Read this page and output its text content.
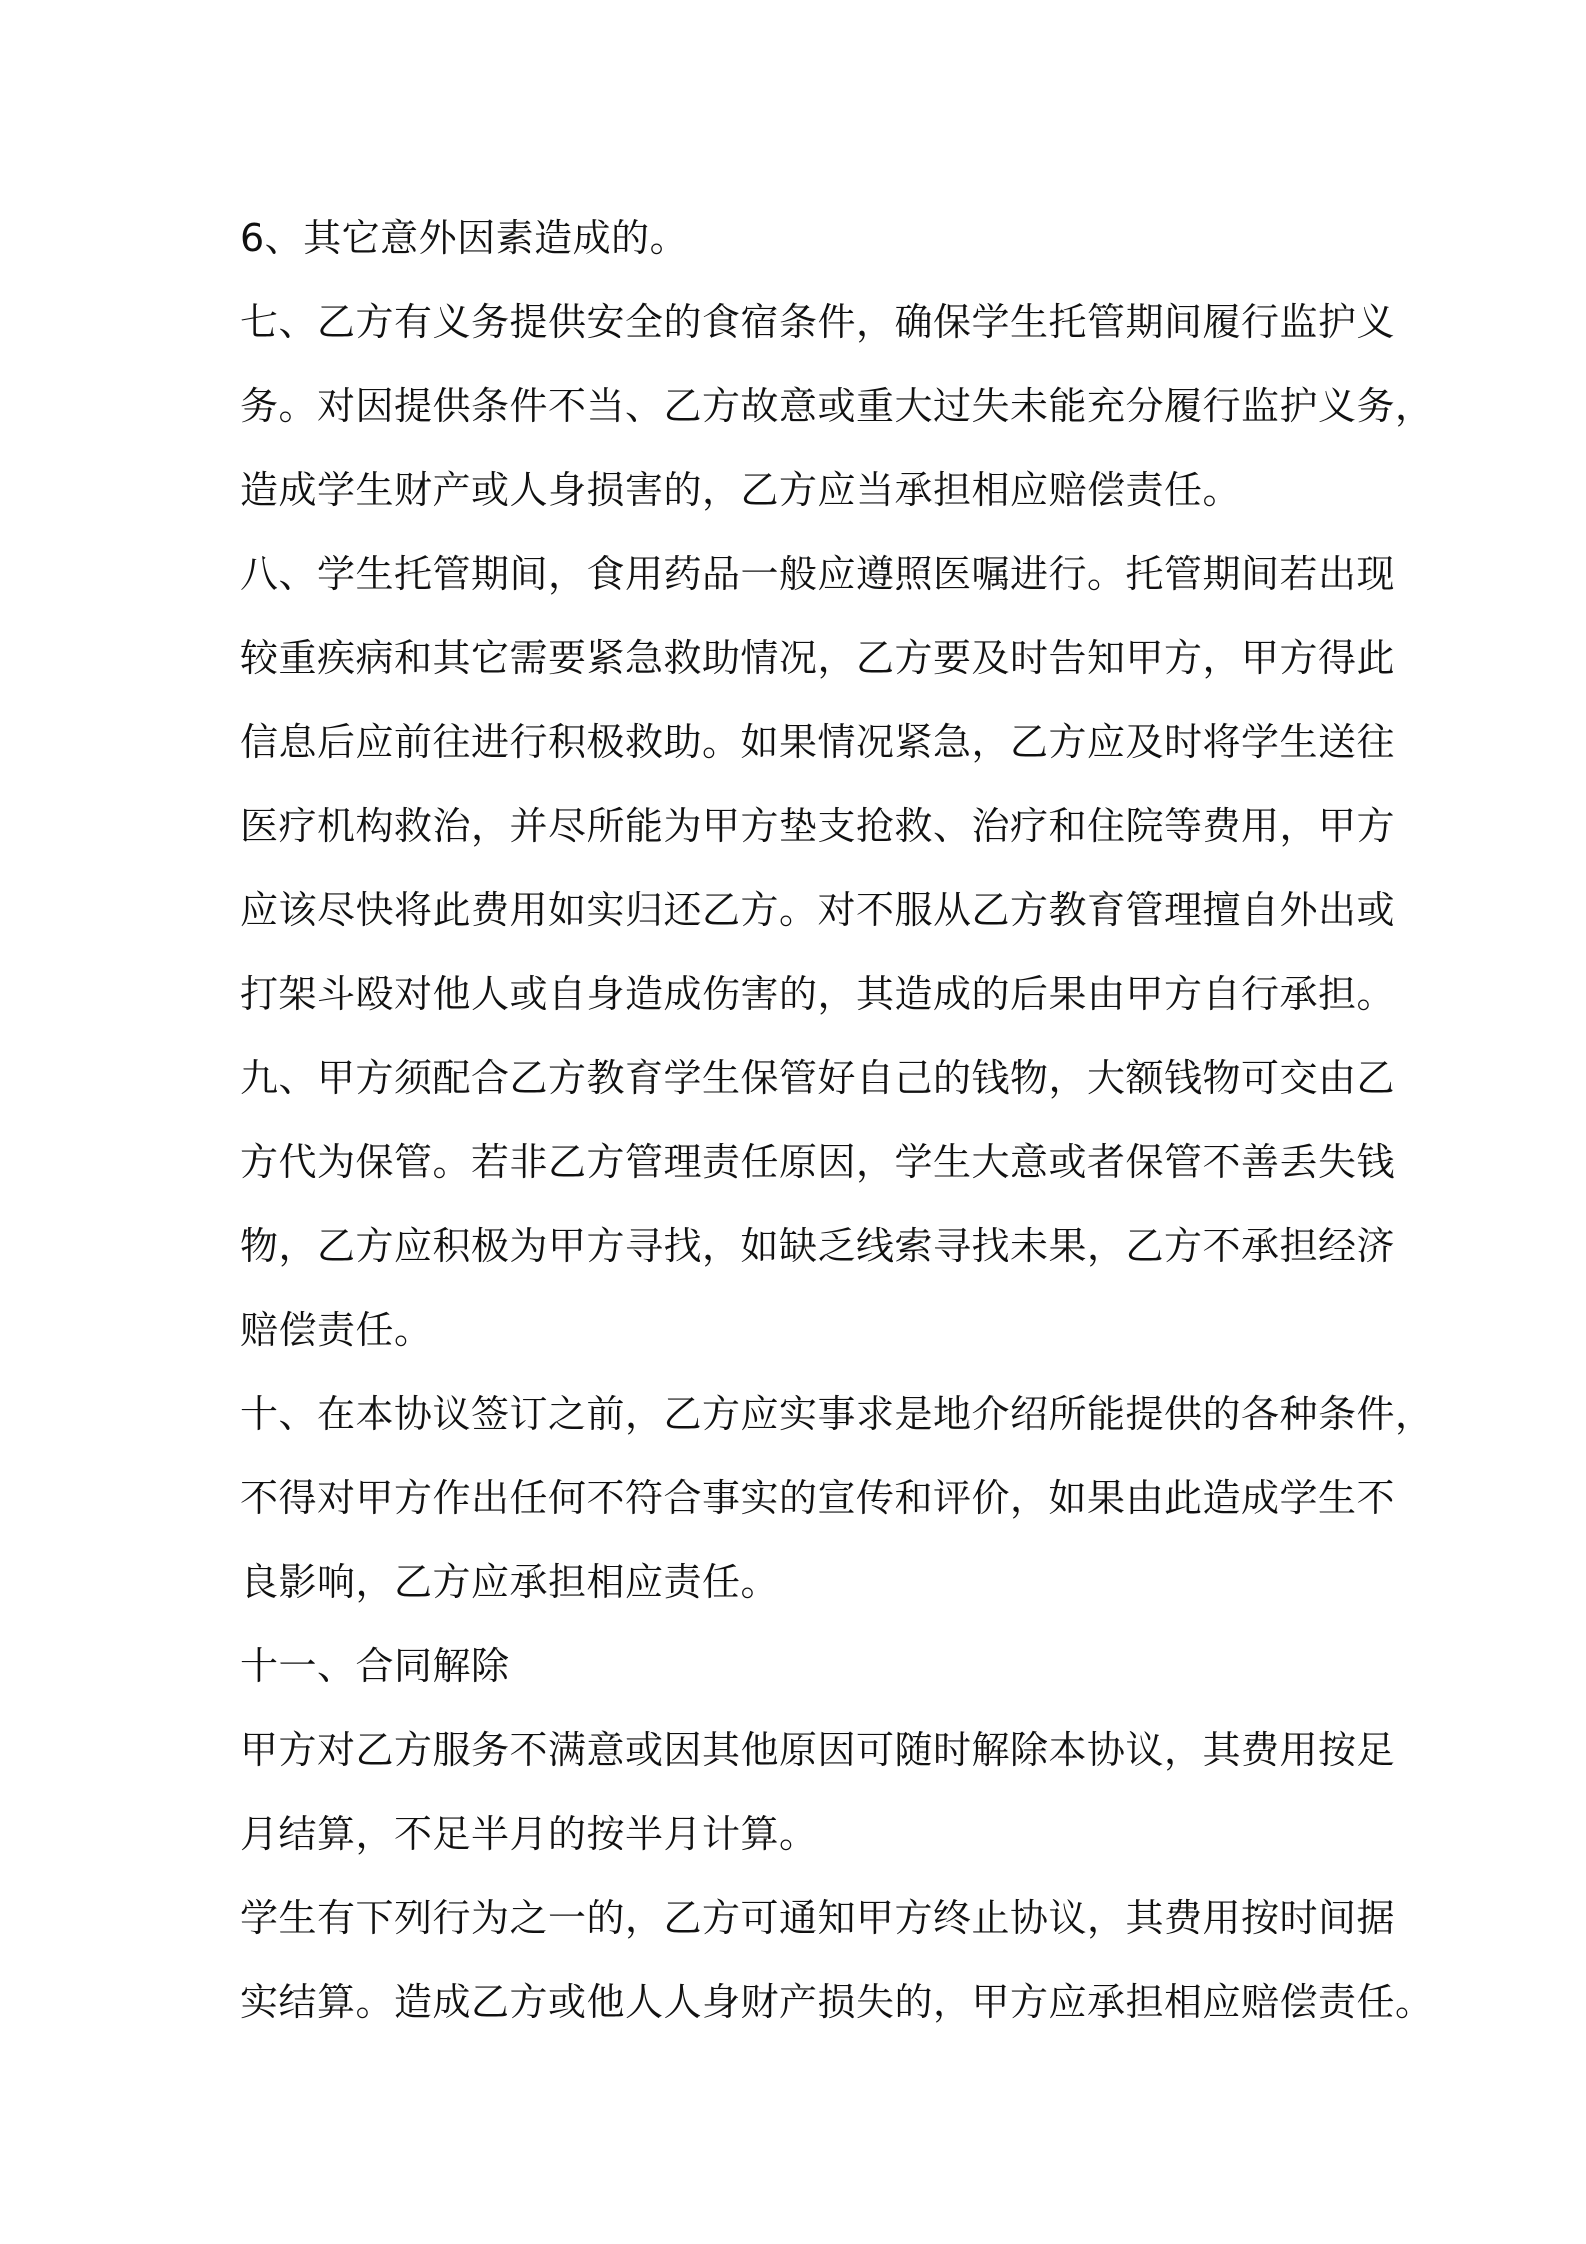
6、其它意外因素造成的。
七、乙方有义务提供安全的食宿条件，确保学生托管期间履行监护义
务。对因提供条件不当、乙方故意或重大过失未能充分履行监护义务，
造成学生财产或人身损害的，乙方应当承担相应赔偿责任。
八、学生托管期间，食用药品一般应遵照医嘱进行。托管期间若出现
较重疾病和其它需要紧急救助情况，乙方要及时告知甲方，甲方得此
信息后应前往进行积极救助。如果情况紧急，乙方应及时将学生送往
医疗机构救治，并尽所能为甲方垫支抢救、治疗和住院等费用，甲方
应该尽快将此费用如实归还乙方。对不服从乙方教育管理擅自外出或
打架斗殴对他人或自身造成伤害的，其造成的后果由甲方自行承担。
九、甲方须配合乙方教育学生保管好自己的钱物，大额钱物可交由乙
方代为保管。若非乙方管理责任原因，学生大意或者保管不善丢失钱
物，乙方应积极为甲方寻找，如缺乏线索寻找未果，乙方不承担经济
赔偿责任。
十、在本协议签订之前，乙方应实事求是地介绍所能提供的各种条件，
不得对甲方作出任何不符合事实的宣传和评价，如果由此造成学生不
良影响，乙方应承担相应责任。
十一、合同解除
甲方对乙方服务不满意或因其他原因可随时解除本协议，其费用按足
月结算，不足半月的按半月计算。
学生有下列行为之一的，乙方可通知甲方终止协议，其费用按时间据
实结算。造成乙方或他人人身财产损失的，甲方应承担相应赔偿责任。
